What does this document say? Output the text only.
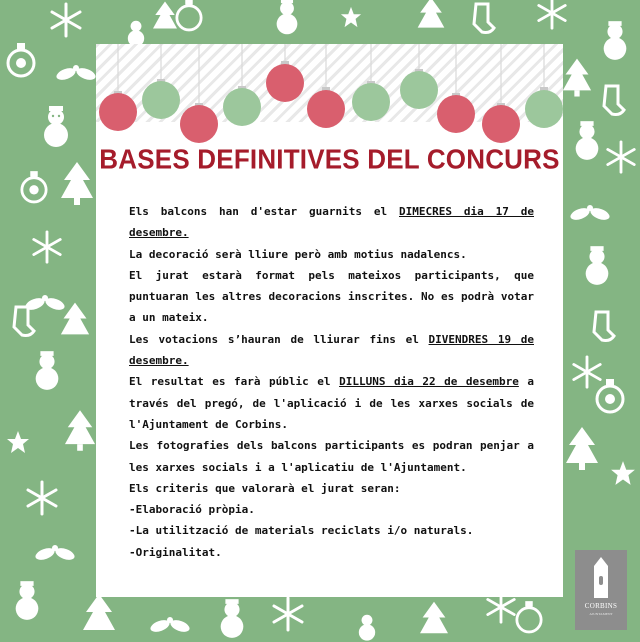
BASES DEFINITIVES DEL CONCURS

Els balcons han d'estar guarnits el DIMECRES dia 17 de desembre.

La decoració serà lliure però amb motius nadalencs.

El jurat estarà format pels mateixos participants, que puntuaran les altres decoracions inscrites. No es podrà votar a un mateix.

Les votacions s’hauran de lliurar fins el DIVENDRES 19 de desembre.

El resultat es farà públic el DILLUNS dia 22 de desembre a través del pregó, de l'aplicació i de les xarxes socials de l'Ajuntament de Corbins.

Les fotografies dels balcons participants es podran penjar a les xarxes socials i a l'aplicatiu de l'Ajuntament.

Els criteris que valorarà el jurat seran:

-Elaboració pròpia.

-La utilització de materials reciclats i/o naturals.

-Originalitat.

CORBINS
AJUNTAMENT
